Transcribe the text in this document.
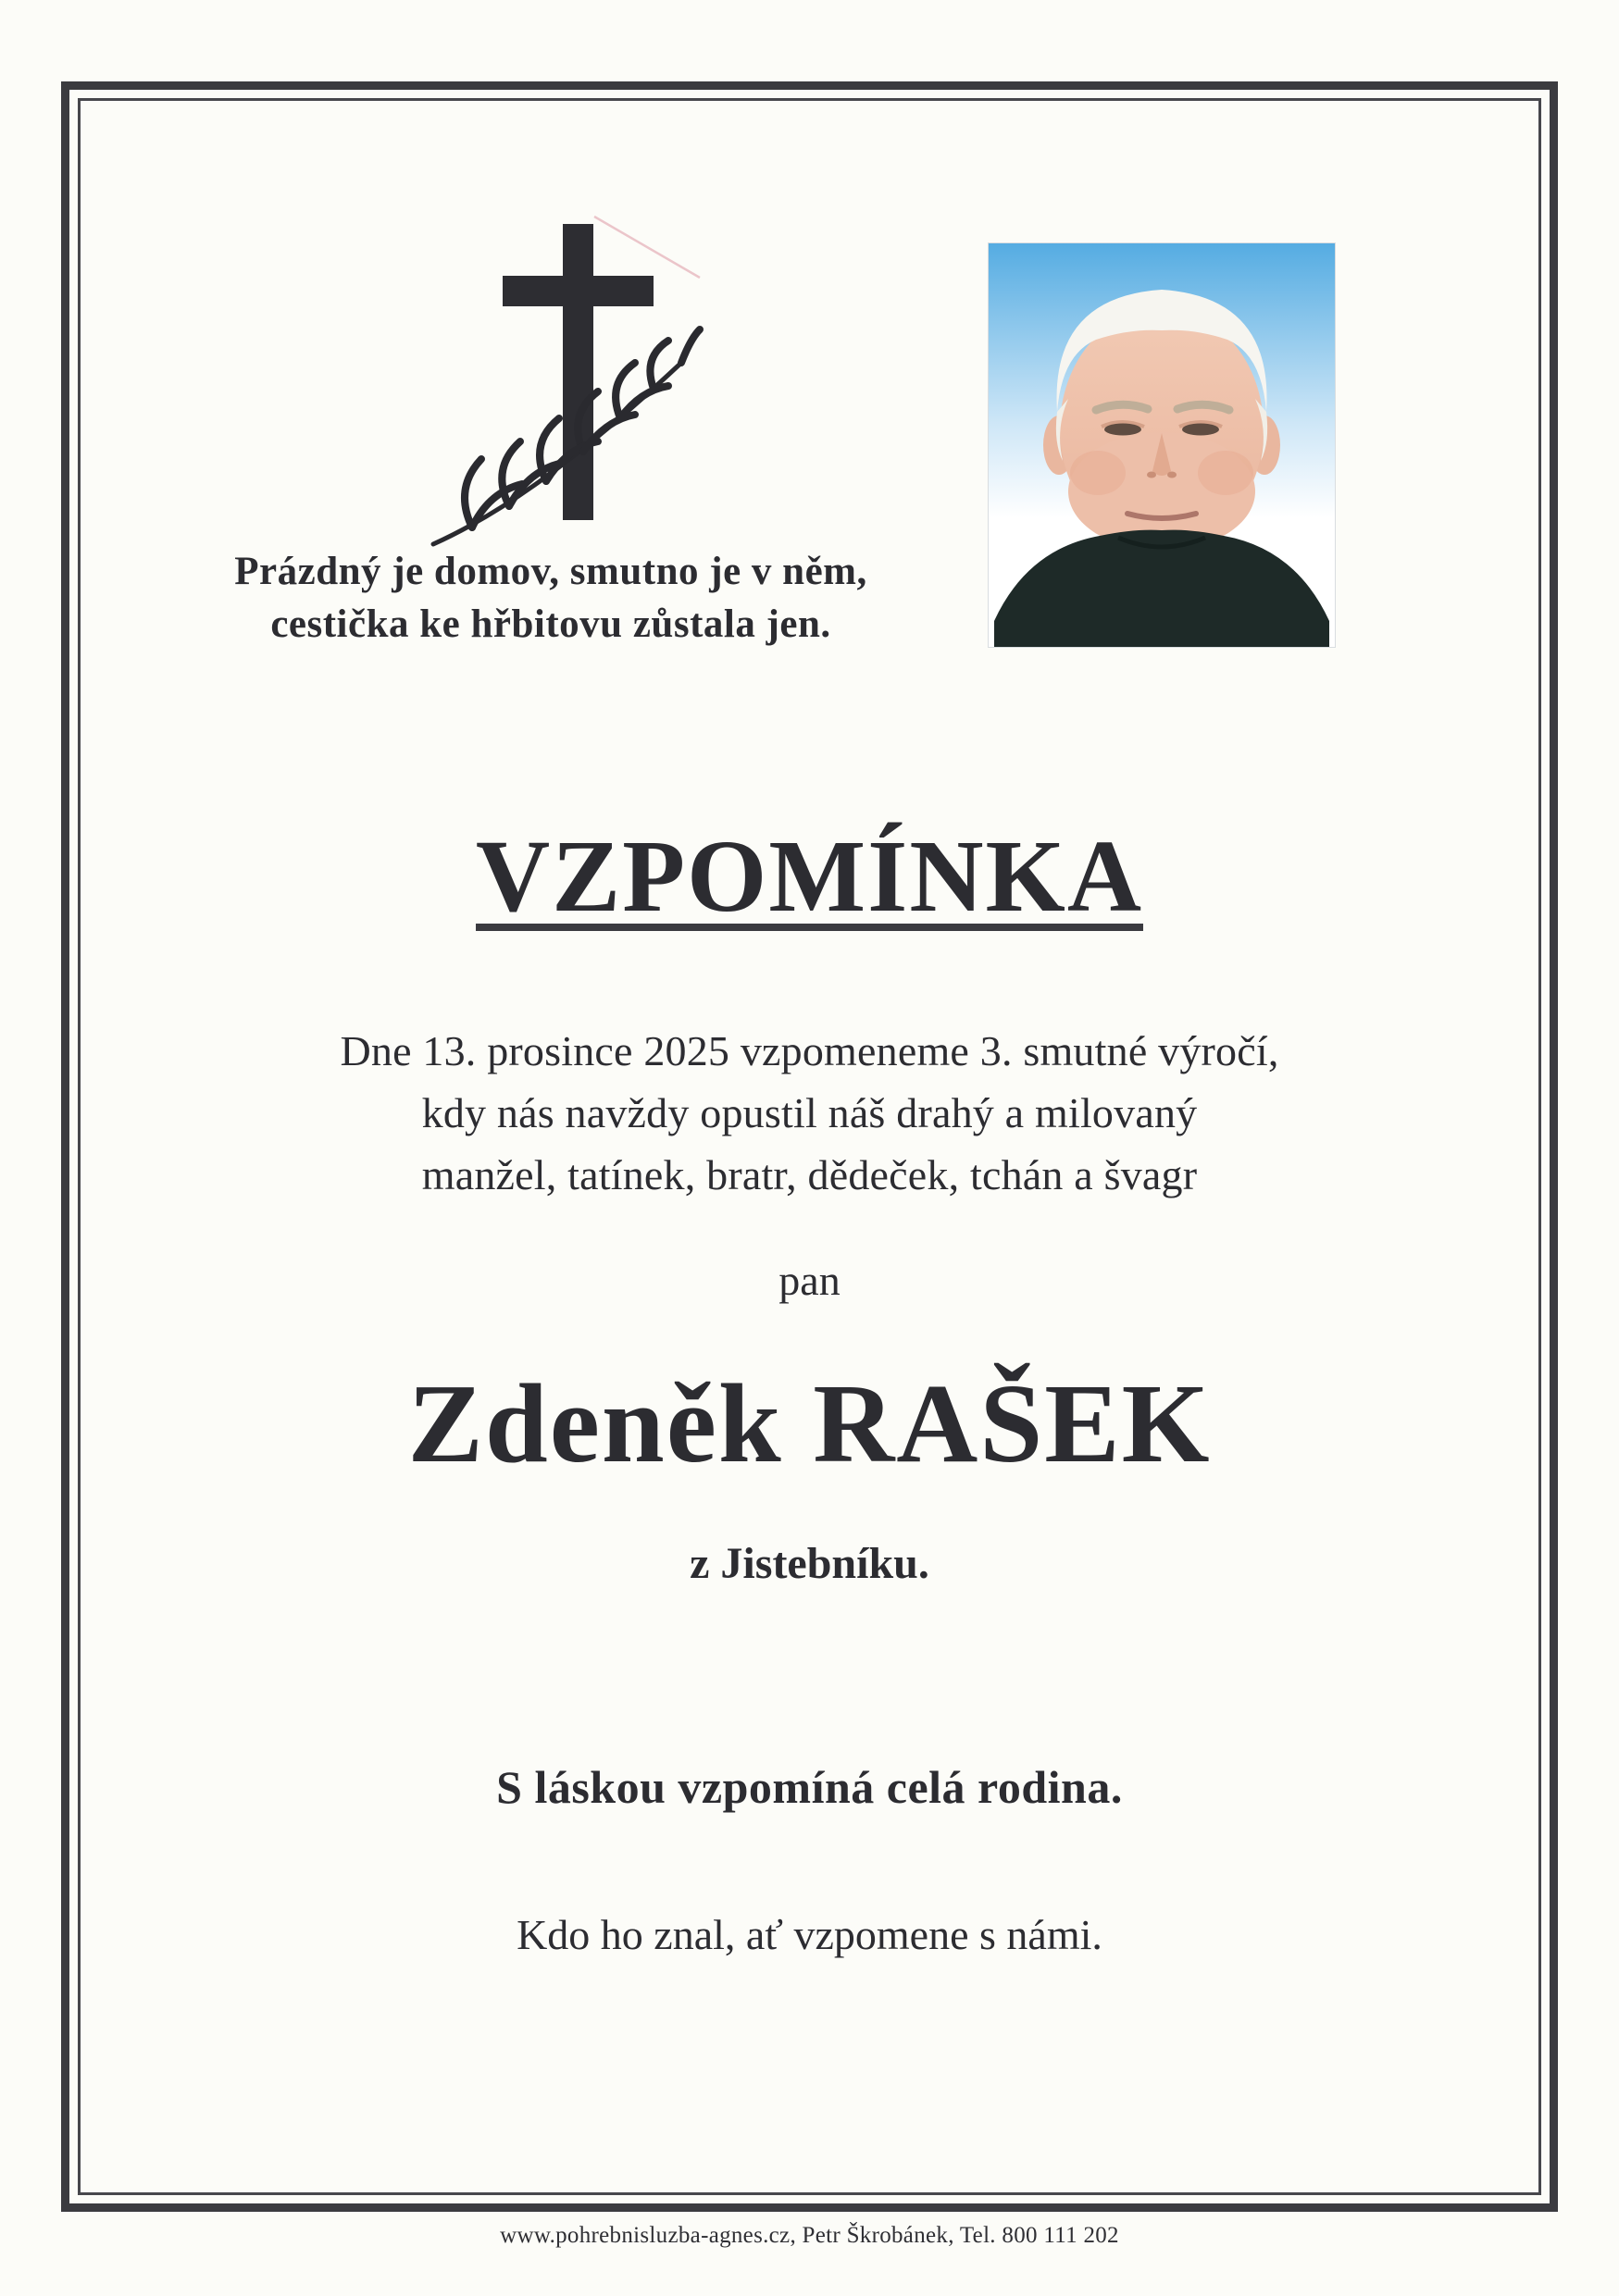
Prázdný je domov, smutno je v něm,
cestička ke hřbitovu zůstala jen.
VZPOMÍNKA
Dne 13. prosince 2025 vzpomeneme 3. smutné výročí,
kdy nás navždy opustil náš drahý a milovaný
manžel, tatínek, bratr, dědeček, tchán a švagr
pan
Zdeněk RAŠEK
z Jistebníku.
S láskou vzpomíná celá rodina.
Kdo ho znal, ať vzpomene s námi.
www.pohrebnisluzba-agnes.cz, Petr Škrobánek, Tel. 800 111 202
